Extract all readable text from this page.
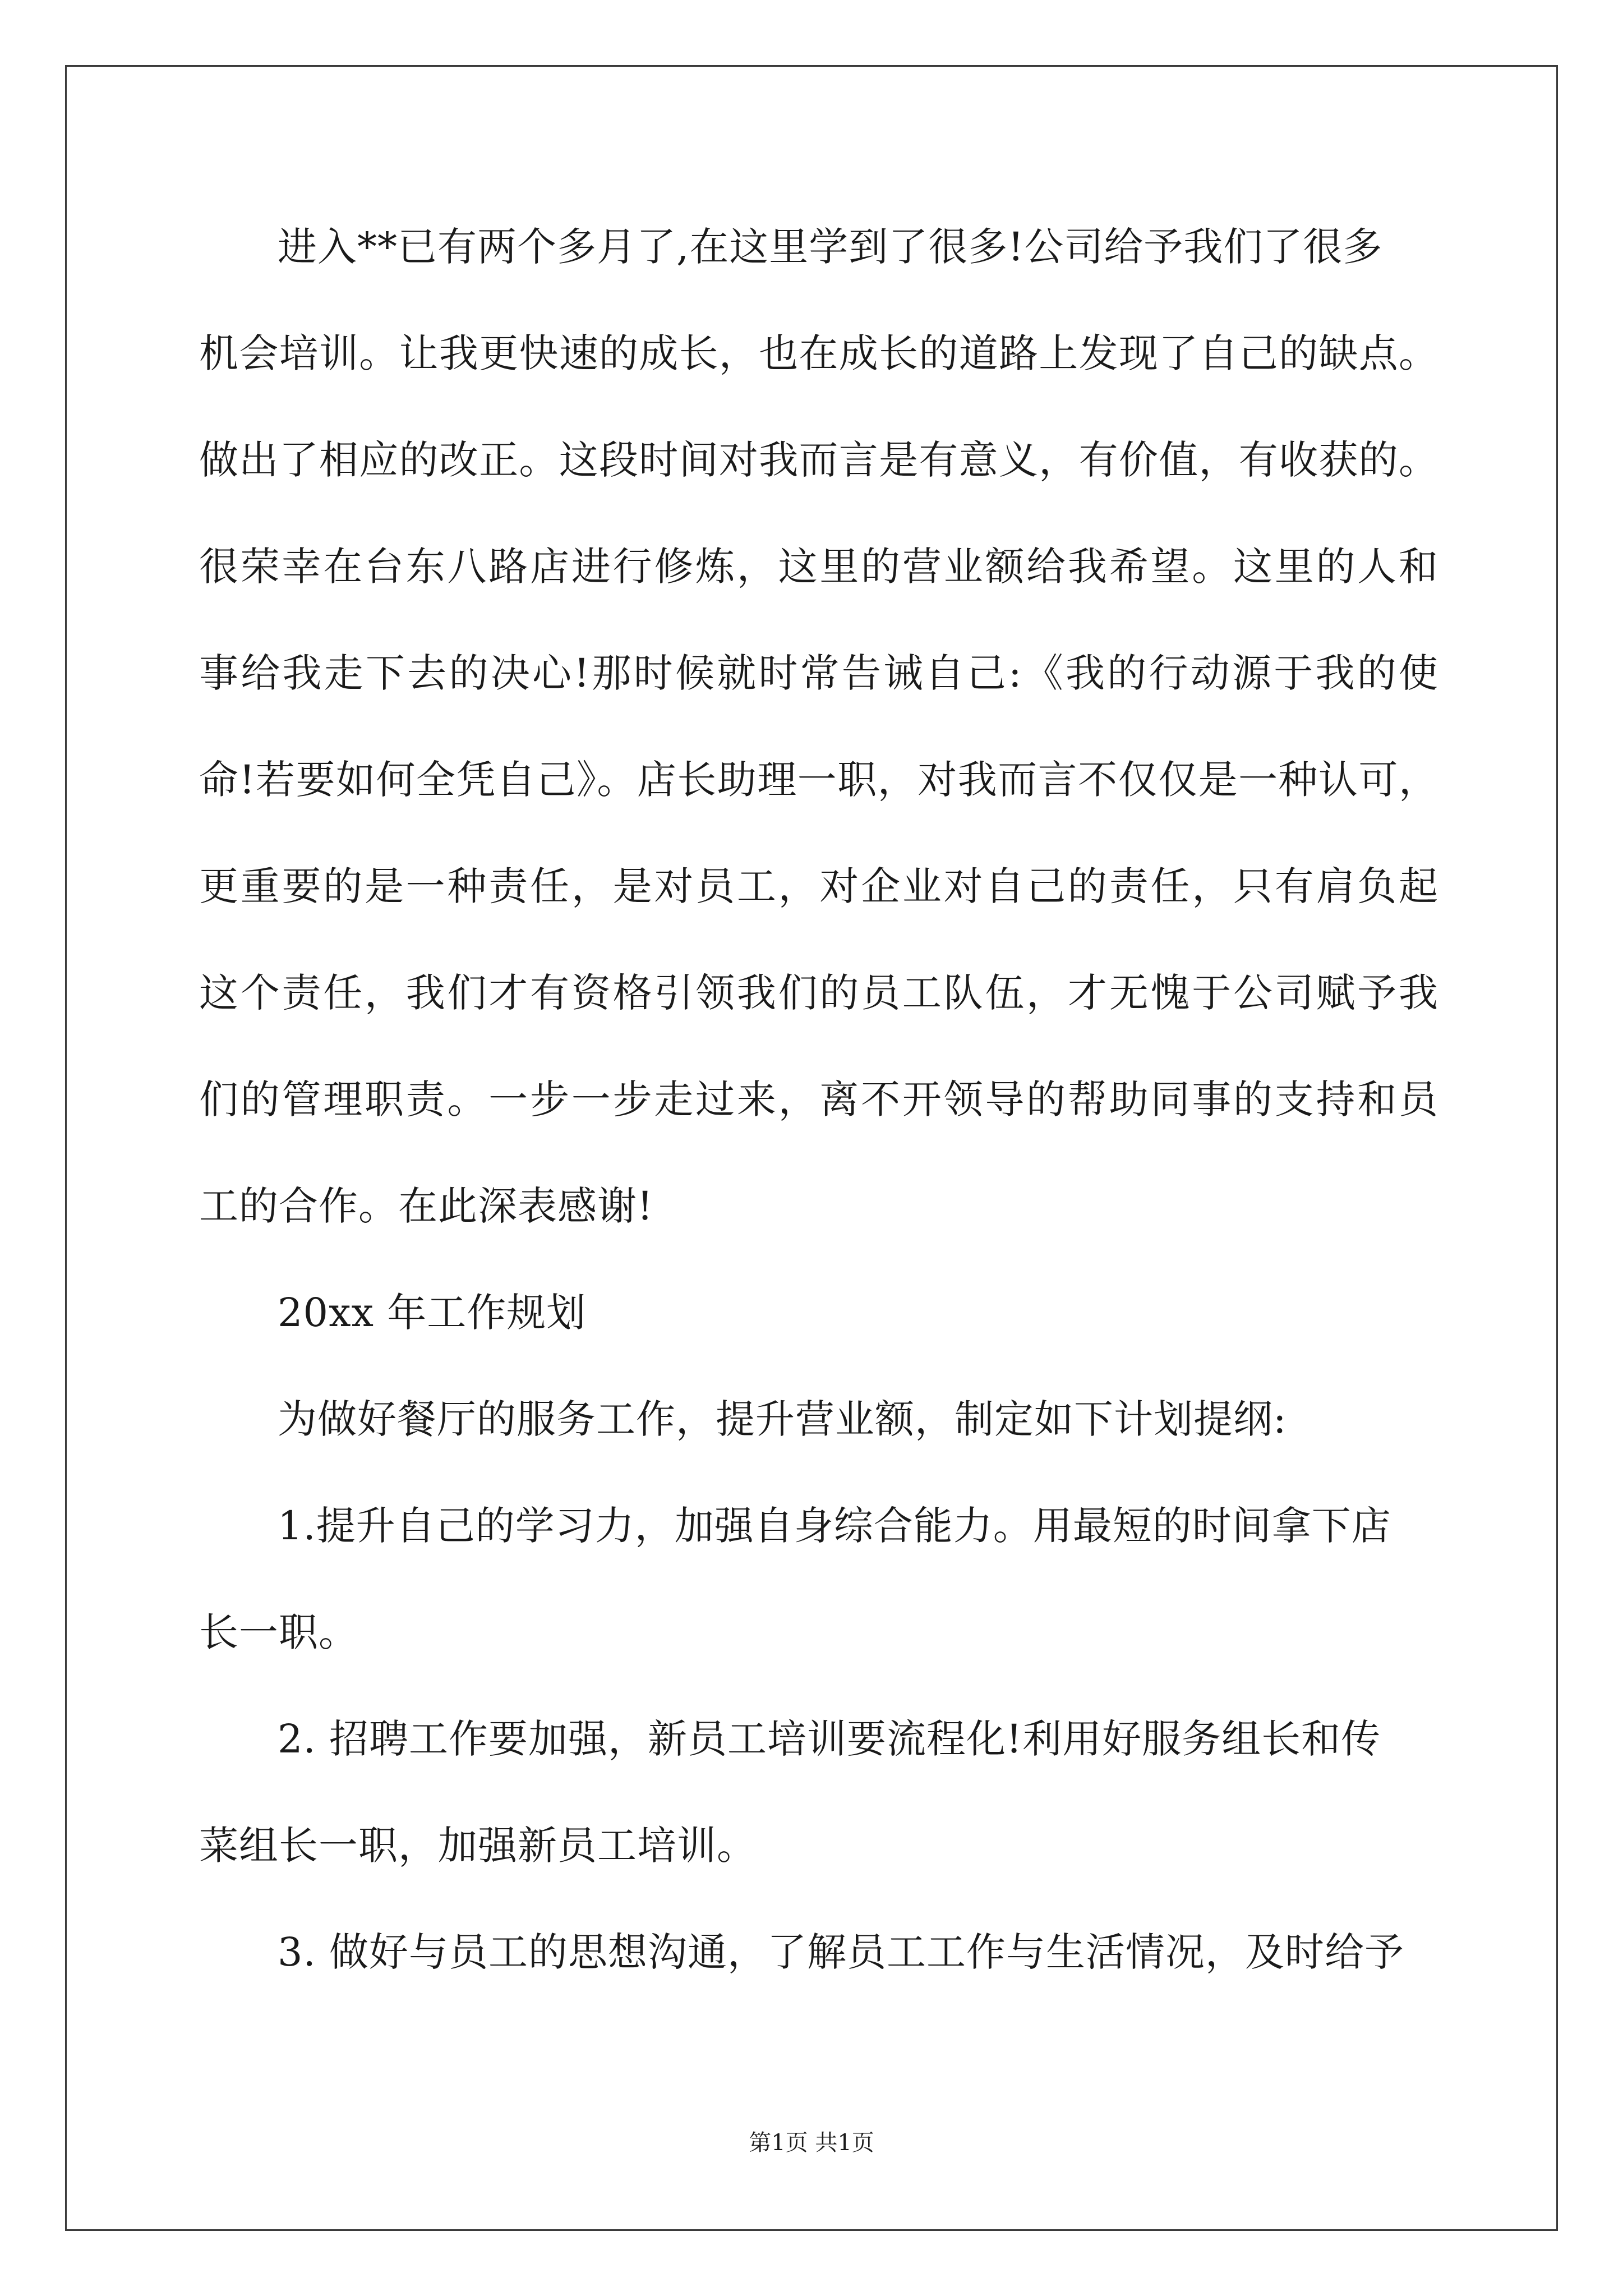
进入**已有两个多月了,在这里学到了很多!公司给予我们了很多
机会培训。让我更快速的成长，也在成长的道路上发现了自己的缺点。
做出了相应的改正。这段时间对我而言是有意义，有价值，有收获的。
很荣幸在台东八路店进行修炼，这里的营业额给我希望。这里的人和
事给我走下去的决心!那时候就时常告诫自己:《我的行动源于我的使
命!若要如何全凭自己》。店长助理一职，对我而言不仅仅是一种认可，
更重要的是一种责任，是对员工，对企业对自己的责任，只有肩负起
这个责任，我们才有资格引领我们的员工队伍，才无愧于公司赋予我
们的管理职责。一步一步走过来，离不开领导的帮助同事的支持和员
工的合作。在此深表感谢!
20xx 年工作规划
为做好餐厅的服务工作，提升营业额，制定如下计划提纲:
1.提升自己的学习力，加强自身综合能力。用最短的时间拿下店
长一职。
2. 招聘工作要加强，新员工培训要流程化!利用好服务组长和传
菜组长一职，加强新员工培训。
3. 做好与员工的思想沟通，了解员工工作与生活情况，及时给予
第1页 共1页
